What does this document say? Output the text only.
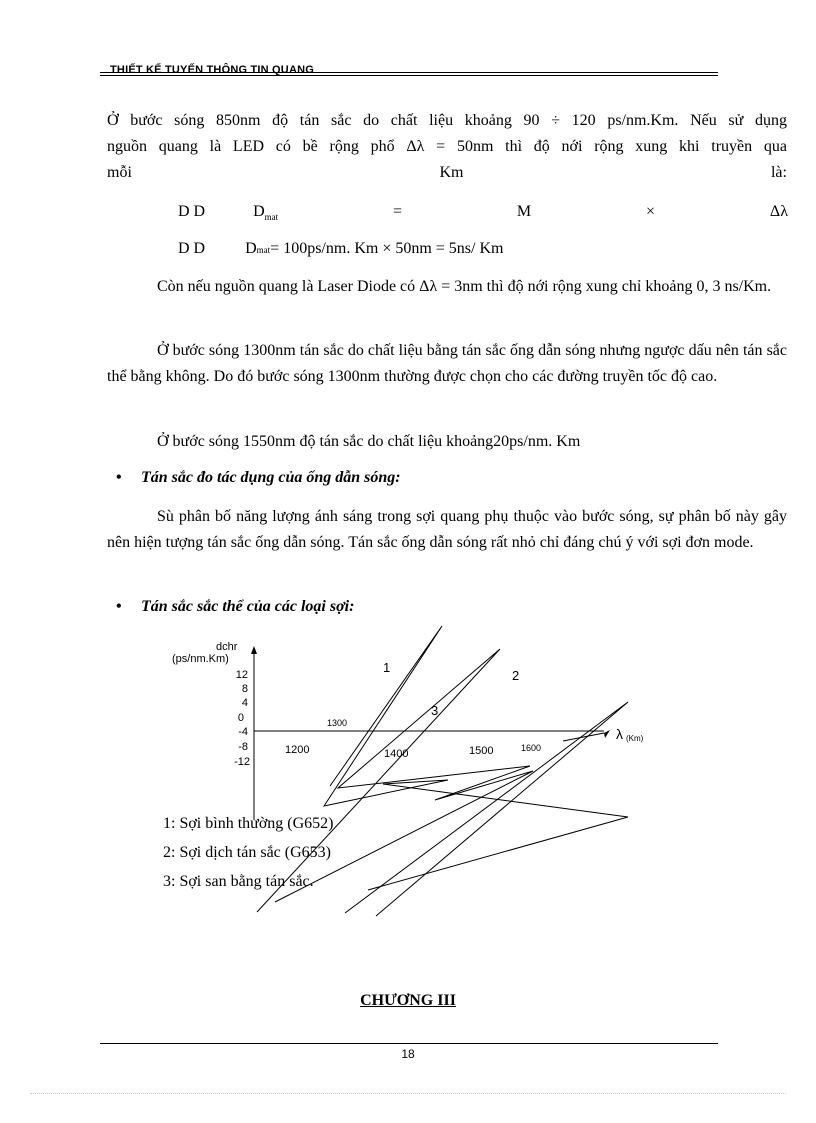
THIẾT KẾ TUYẾN THÔNG TIN QUANG
Ở bước sóng 850nm độ tán sắc do chất liệu khoảng 90 ÷ 120 ps/nm.Km. Nếu sử dụng
nguồn quang là LED có bề rộng phổ Δλ = 50nm thì độ nới rộng xung khi truyền qua
mỗi	Km	là:
D D	$D_{mat}$	=	M	×	Δλ
D D	D mat = 100ps/nm. Km × 50nm = 5ns/ Km

Còn nếu nguồn quang là Laser Diode có Δλ = 3nm thì độ nới rộng xung chỉ khoảng 0, 3 ns/Km.

Ở bước sóng 1300nm tán sắc do chất liệu bằng tán sắc ống dẫn sóng nhưng ngược dấu nên tán sắc thể bằng không. Do đó bước sóng 1300nm thường được chọn cho các đường truyền tốc độ cao.

Ở bước sóng 1550nm độ tán sắc do chất liệu khoảng20ps/nm. Km

• Tán sắc đo tác dụng của ống dẫn sóng:

Sù phân bố năng lượng ánh sáng trong sợi quang phụ thuộc vào bước sóng, sự phân bố này gây nên hiện tượng tán sắc ống dẫn sóng. Tán sắc ống dẫn sóng rất nhỏ chỉ đáng chú ý với sợi đơn mode.

• Tán sắc sắc thể của các loại sợi:
dchr
(ps/nm.Km)
12
8
4
0
-4
-8
-12
1200
1300
1400	1500	1600
λ (Km)
1
2
3
1: Sợi bình thường (G652)
2: Sợi dịch tán sắc (G653)
3: Sợi san bằng tán sắc.
CHƯƠNG III
18
